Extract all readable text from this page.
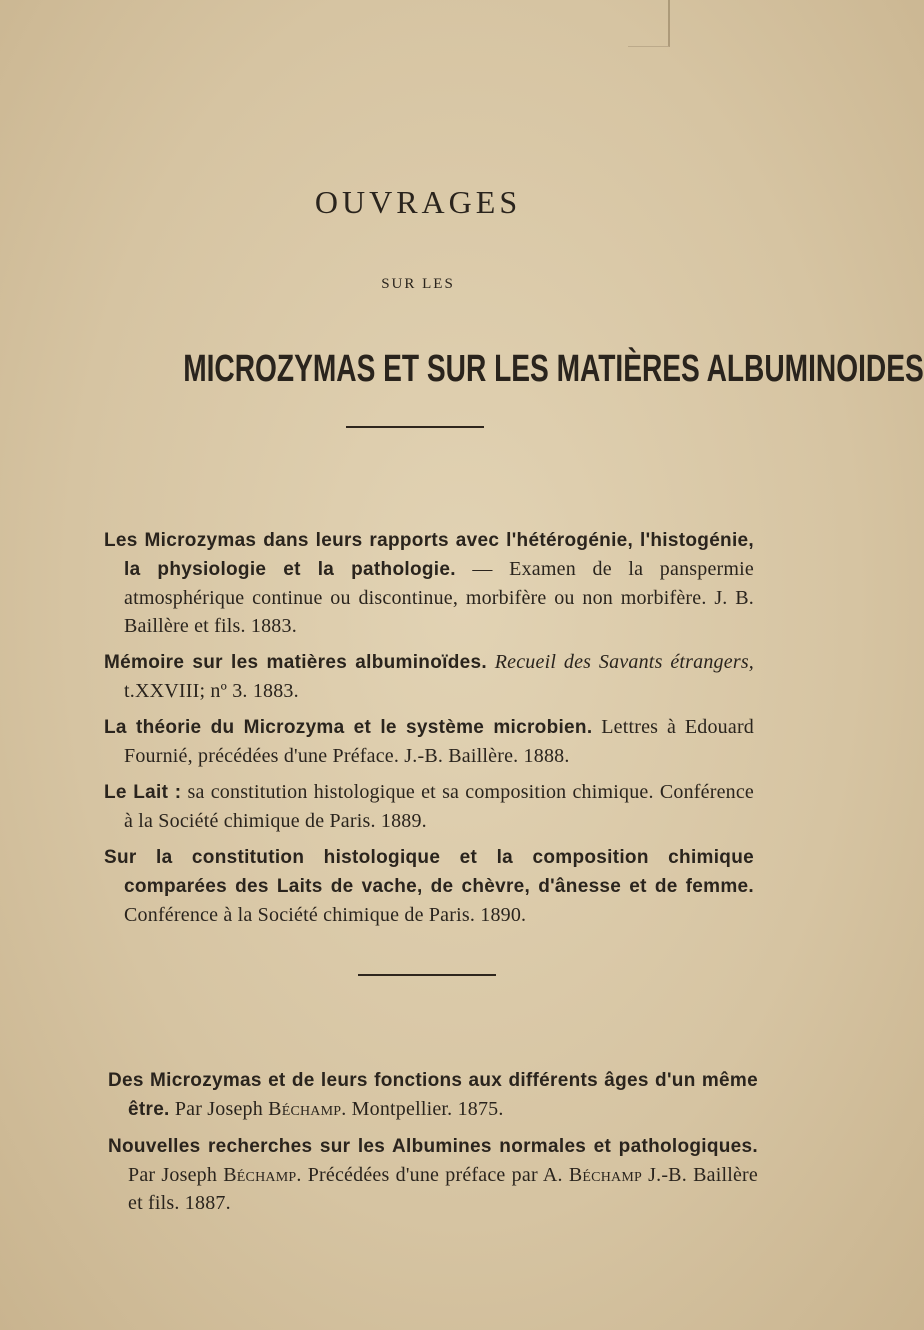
OUVRAGES
SUR LES
MICROZYMAS ET SUR LES MATIÈRES ALBUMINOIDES

Les Microzymas dans leurs rapports avec l'hétérogénie, l'histogénie, la physiologie et la pathologie. — Examen de la panspermie atmosphérique continue ou discontinue, morbifère ou non morbifère. J. B. Baillère et fils. 1883.

Mémoire sur les matières albuminoïdes. Recueil des Savants étrangers, t.XXVIII; nº 3. 1883.

La théorie du Microzyma et le système microbien. Lettres à Edouard Fournié, précédées d'une Préface. J.-B. Baillère. 1888.

Le Lait : sa constitution histologique et sa composition chimique. Conférence à la Société chimique de Paris. 1889.

Sur la constitution histologique et la composition chimique comparées des Laits de vache, de chèvre, d'ânesse et de femme. Conférence à la Société chimique de Paris. 1890.

Des Microzymas et de leurs fonctions aux différents âges d'un même être. Par Joseph Béchamp. Montpellier. 1875.

Nouvelles recherches sur les Albumines normales et pathologiques. Par Joseph Béchamp. Précédées d'une préface par A. Béchamp J.-B. Baillère et fils. 1887.
